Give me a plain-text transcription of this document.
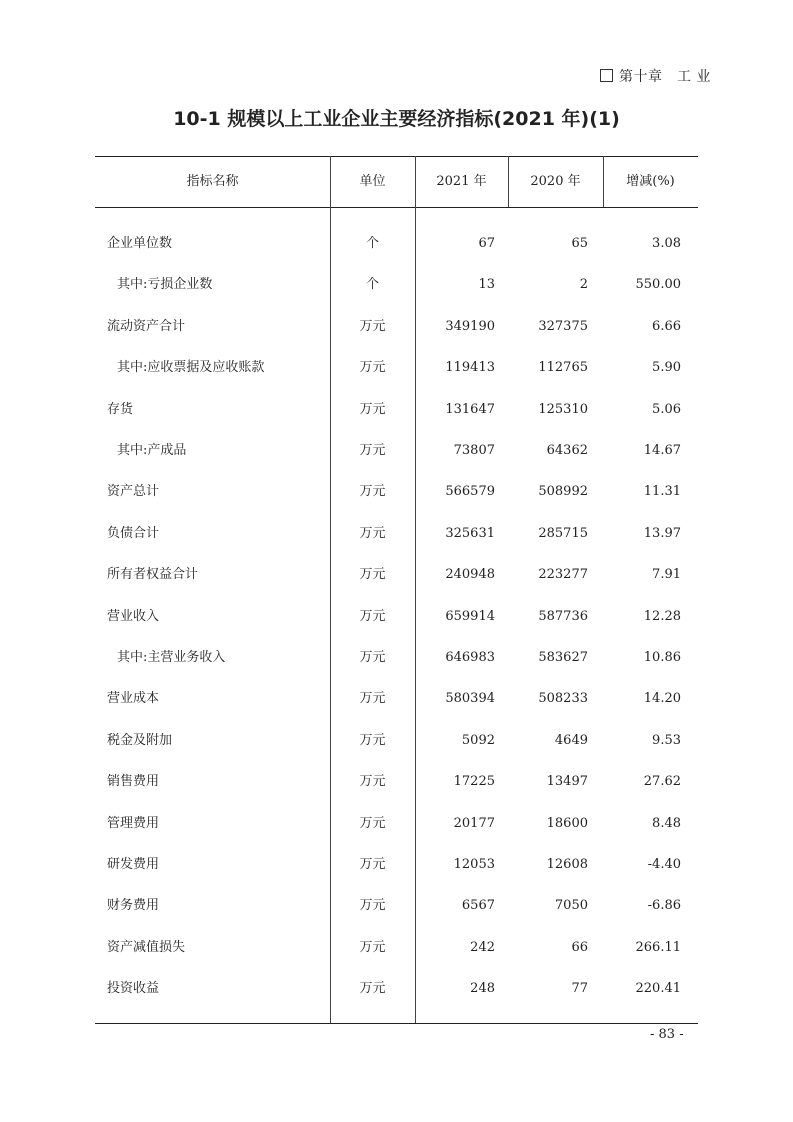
第十章　工 业
10-1 规模以上工业企业主要经济指标(2021 年)(1)
指标名称	单位	2021 年	2020 年	增减(%)
企业单位数	个	67	65	3.08
其中:亏损企业数	个	13	2	550.00
流动资产合计	万元	349190	327375	6.66
其中:应收票据及应收账款	万元	119413	112765	5.90
存货	万元	131647	125310	5.06
其中:产成品	万元	73807	64362	14.67
资产总计	万元	566579	508992	11.31
负债合计	万元	325631	285715	13.97
所有者权益合计	万元	240948	223277	7.91
营业收入	万元	659914	587736	12.28
其中:主营业务收入	万元	646983	583627	10.86
营业成本	万元	580394	508233	14.20
税金及附加	万元	5092	4649	9.53
销售费用	万元	17225	13497	27.62
管理费用	万元	20177	18600	8.48
研发费用	万元	12053	12608	-4.40
财务费用	万元	6567	7050	-6.86
资产减值损失	万元	242	66	266.11
投资收益	万元	248	77	220.41
- 83 -
